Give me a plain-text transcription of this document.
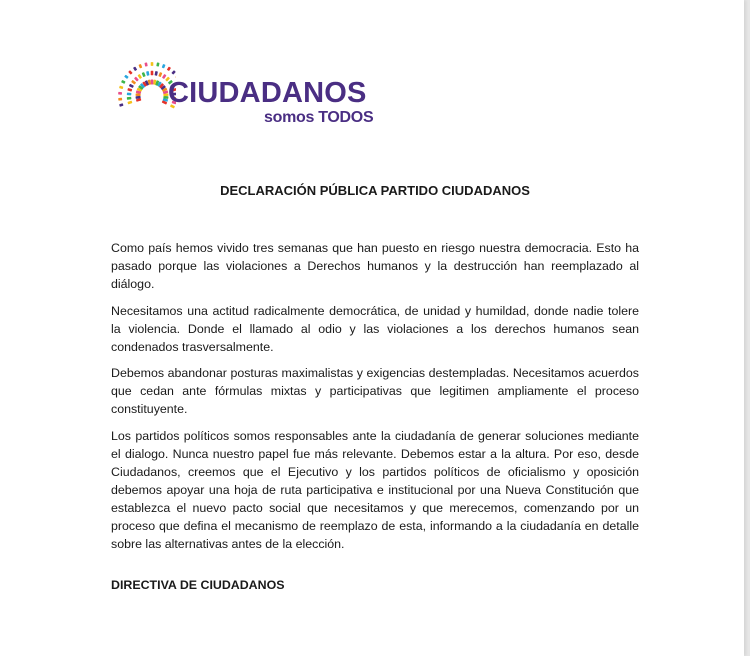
CIUDADANOS
somos TODOS
DECLARACIÓN PÚBLICA PARTIDO CIUDADANOS

Como país hemos vivido tres semanas que han puesto en riesgo nuestra democracia. Esto ha pasado porque las violaciones a Derechos humanos y la destrucción han reemplazado al diálogo.

Necesitamos una actitud radicalmente democrática, de unidad y humildad, donde nadie tolere la violencia. Donde el llamado al odio y las violaciones a los derechos humanos sean condenados trasversalmente.

Debemos abandonar posturas maximalistas y exigencias destempladas. Necesitamos acuerdos que cedan ante fórmulas mixtas y participativas que legitimen ampliamente el proceso constituyente.

Los partidos políticos somos responsables ante la ciudadanía de generar soluciones mediante el dialogo. Nunca nuestro papel fue más relevante. Debemos estar a la altura. Por eso, desde Ciudadanos, creemos que el Ejecutivo y los partidos políticos de oficialismo y oposición debemos apoyar una hoja de ruta participativa e institucional por una Nueva Constitución que establezca el nuevo pacto social que necesitamos y que merecemos, comenzando por un proceso que defina el mecanismo de reemplazo de esta, informando a la ciudadanía en detalle sobre las alternativas antes de la elección.

DIRECTIVA DE CIUDADANOS
